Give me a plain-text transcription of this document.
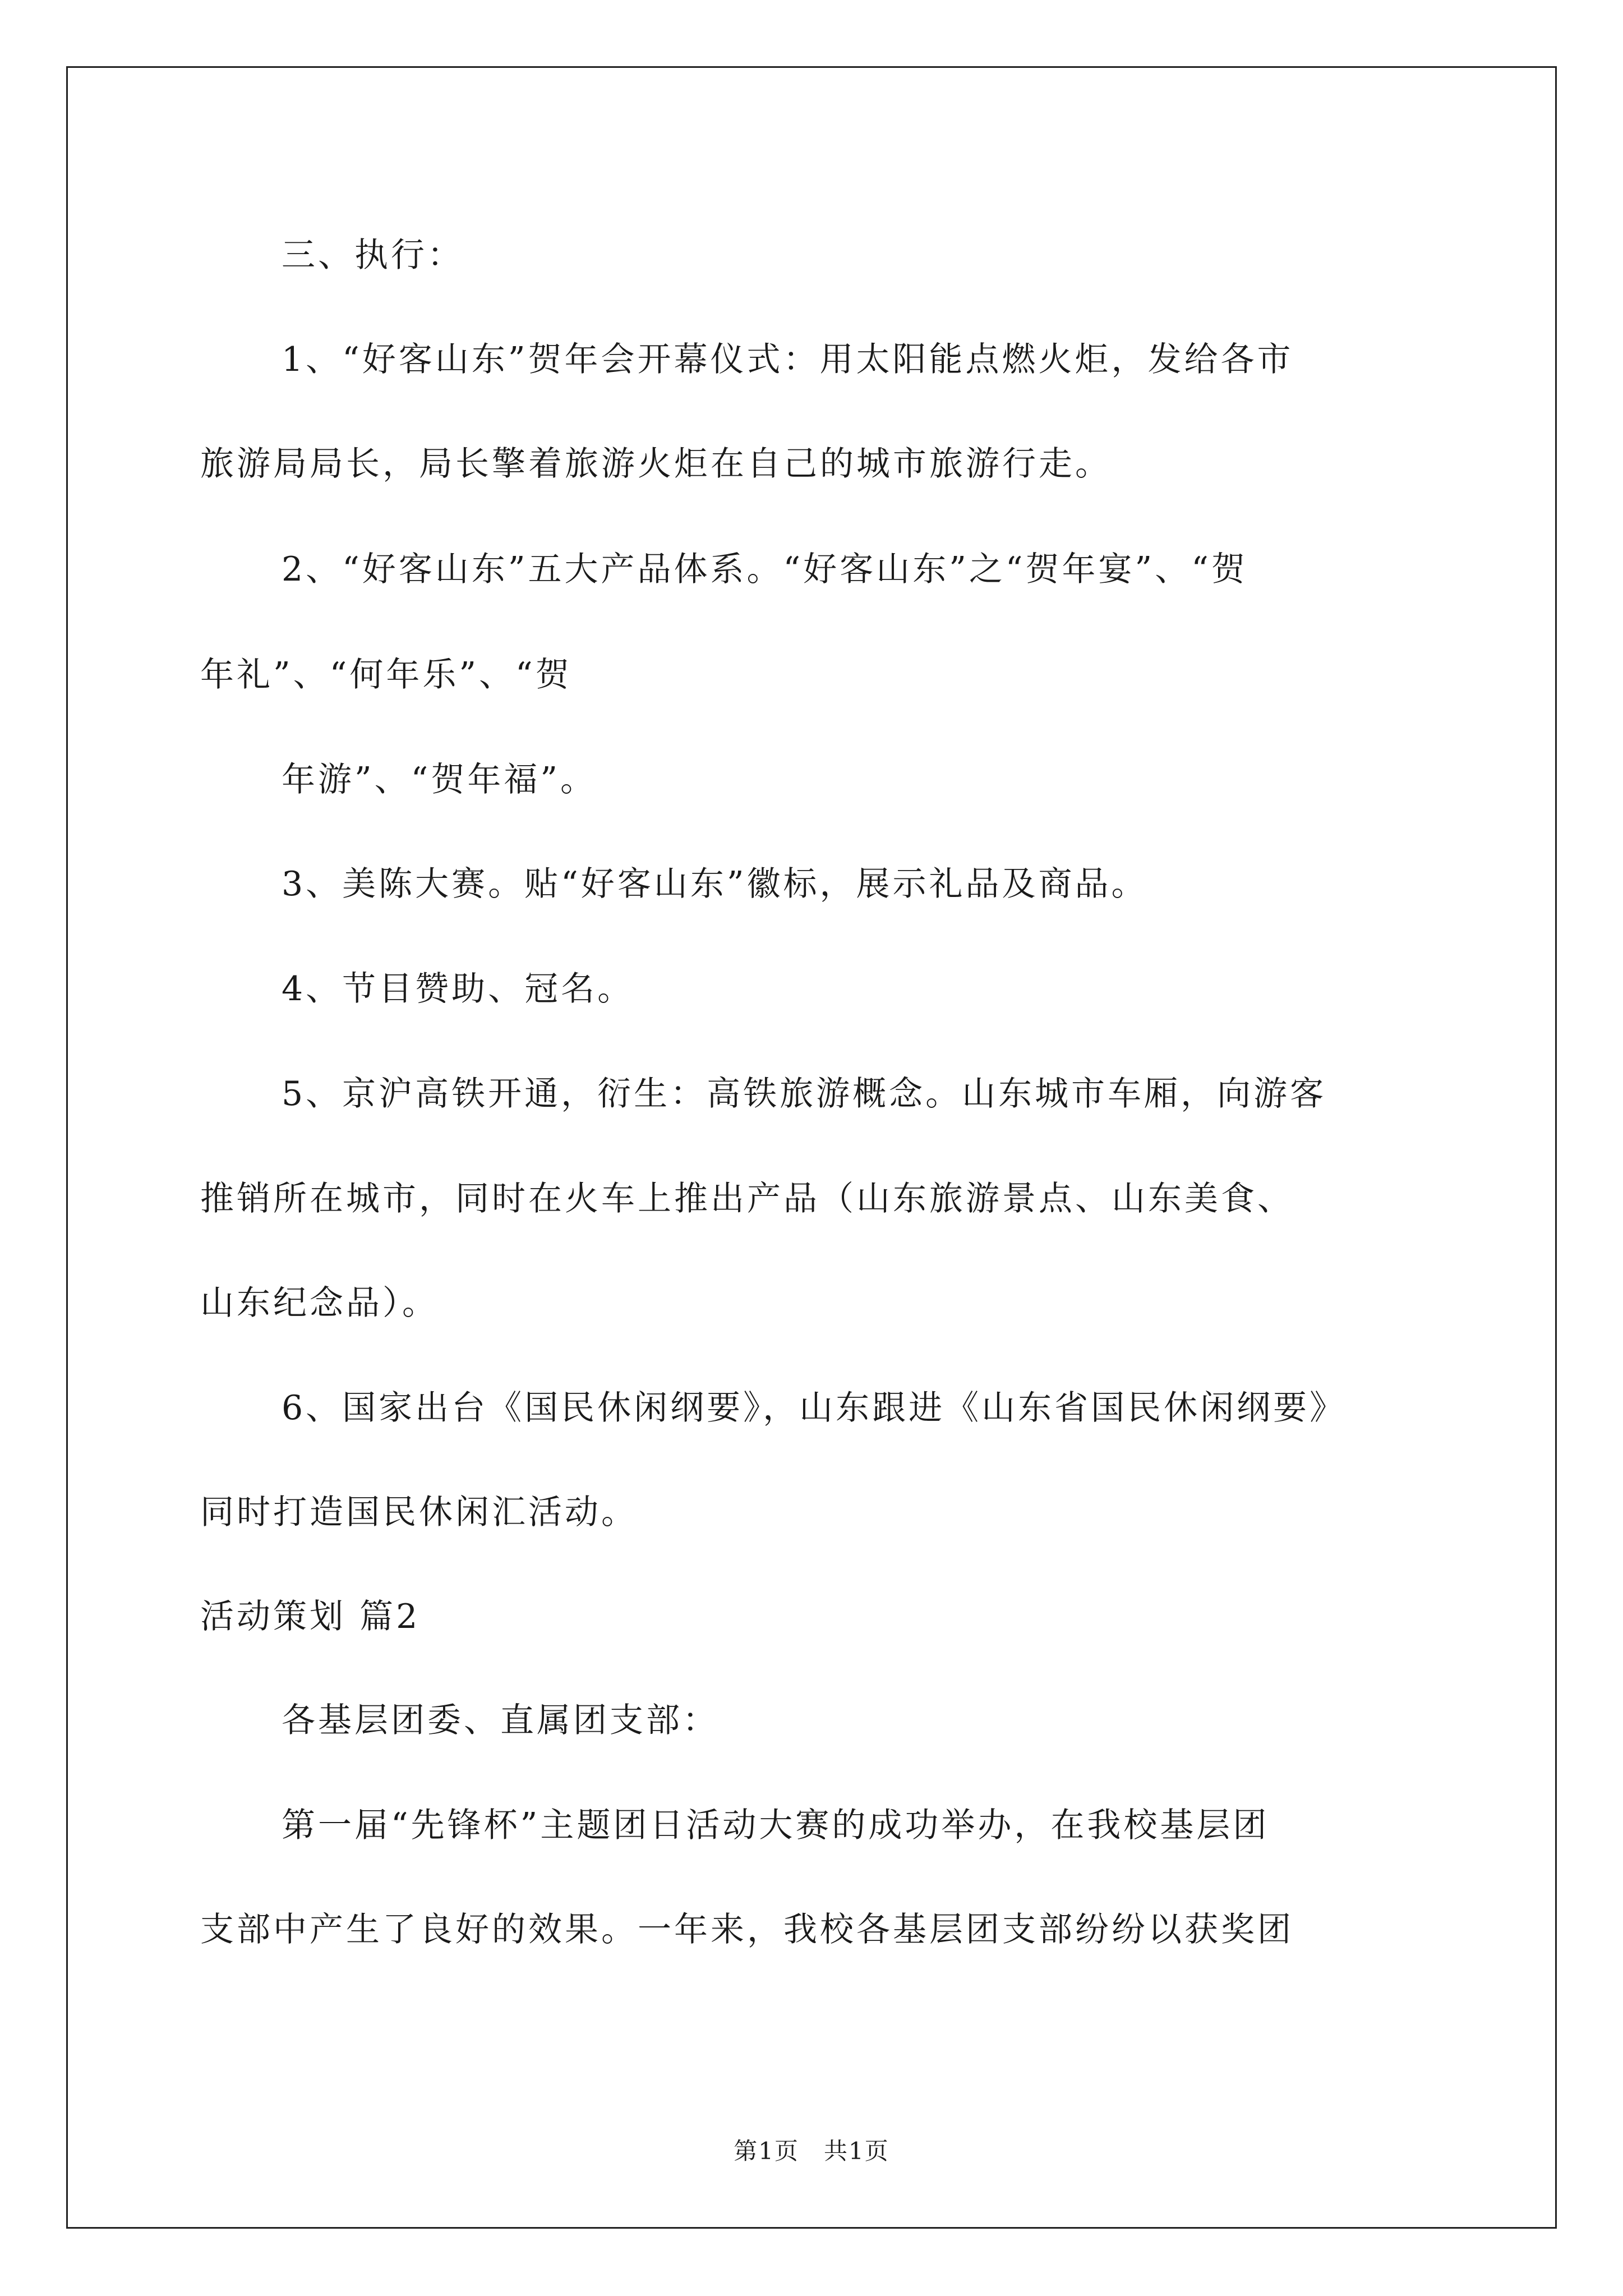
三、执行：
1、“好客山东”贺年会开幕仪式：用太阳能点燃火炬，发给各市
旅游局局长，局长擎着旅游火炬在自己的城市旅游行走。
2、“好客山东”五大产品体系。“好客山东”之“贺年宴”、“贺
年礼”、“何年乐”、“贺
年游”、“贺年福”。
3、美陈大赛。贴“好客山东”徽标，展示礼品及商品。
4、节目赞助、冠名。
5、京沪高铁开通，衍生：高铁旅游概念。山东城市车厢，向游客
推销所在城市，同时在火车上推出产品（山东旅游景点、山东美食、
山东纪念品）。
6、国家出台《国民休闲纲要》，山东跟进《山东省国民休闲纲要》
同时打造国民休闲汇活动。
活动策划 篇2
各基层团委、直属团支部：
第一届“先锋杯”主题团日活动大赛的成功举办，在我校基层团
支部中产生了良好的效果。一年来，我校各基层团支部纷纷以获奖团
第1页　共1页
